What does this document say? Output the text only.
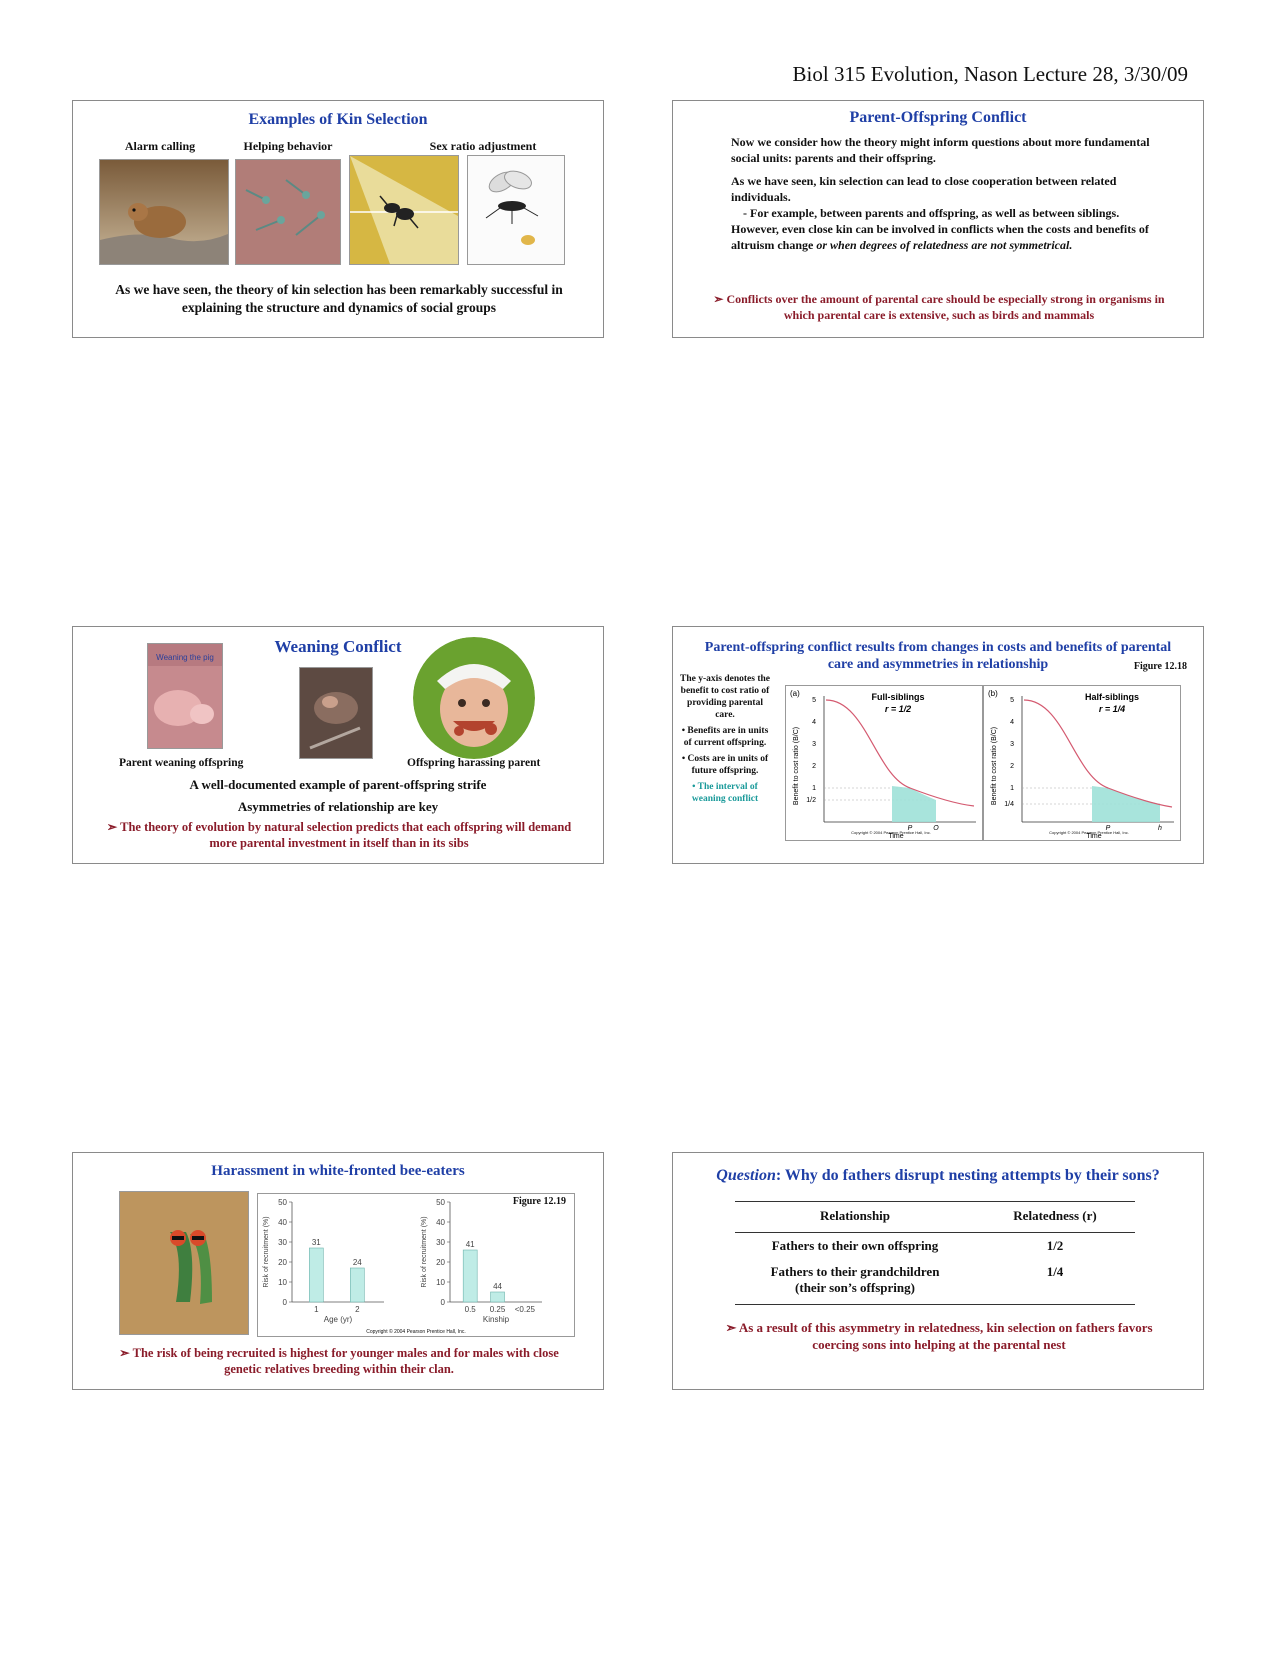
Biol 315 Evolution, Nason Lecture 28, 3/30/09
Examples of Kin Selection
Alarm calling	Helping behavior	Sex ratio adjustment
As we have seen, the theory of kin selection has been remarkably successful in explaining the structure and dynamics of social groups
Parent-Offspring Conflict

Now we consider how the theory might inform questions about more fundamental social units: parents and their offspring.

As we have seen, kin selection can lead to close cooperation between related individuals.

- For example, between parents and offspring, as well as between siblings.

However, even close kin can be involved in conflicts when the costs and benefits of altruism change or when degrees of relatedness are not symmetrical.

➣ Conflicts over the amount of parental care should be especially strong in organisms in which parental care is extensive, such as birds and mammals
Weaning Conflict
Weaning the pig
Parent weaning offspring	Offspring harassing parent
A well-documented example of parent-offspring strife
Asymmetries of relationship are key
➣ The theory of evolution by natural selection predicts that each offspring will demand more parental investment in itself than in its sibs
Parent-offspring conflict results from changes in costs and benefits of parental care and asymmetries in relationship	Figure 12.18
The y-axis denotes the benefit to cost ratio of providing parental care.
• Benefits are in units of current offspring.
• Costs are in units of future offspring.
• The interval of weaning conflict
(a)	Full-siblings
r = 1/2
Benefit to cost ratio (B/C)
5
4
3
2
1
1/2
P	O
Time
Copyright © 2004 Pearson Prentice Hall, Inc.
(b)	Half-siblings
r = 1/4
Benefit to cost ratio (B/C)
5
4
3
2
1
1/4
P	h
Time
Copyright © 2004 Pearson Prentice Hall, Inc.
Harassment in white-fronted bee-eaters
0
10
20
30
40
50
Risk of recruitment (%)	31
1
24
2
Age (yr)
0
10
20
30
40
50
Risk of recruitment (%)	41
0.5
44
0.25 <0.25
Kinship
Figure 12.19
Copyright © 2004 Pearson Prentice Hall, Inc.
➣ The risk of being recruited is highest for younger males and for males with close genetic relatives breeding within their clan.
Question: Why do fathers disrupt nesting attempts by their sons?
Relationship	Relatedness (r)
Fathers to their own offspring	1/2
Fathers to their grandchildren (their son’s offspring)	1/4
➣ As a result of this asymmetry in relatedness, kin selection on fathers favors coercing sons into helping at the parental nest
